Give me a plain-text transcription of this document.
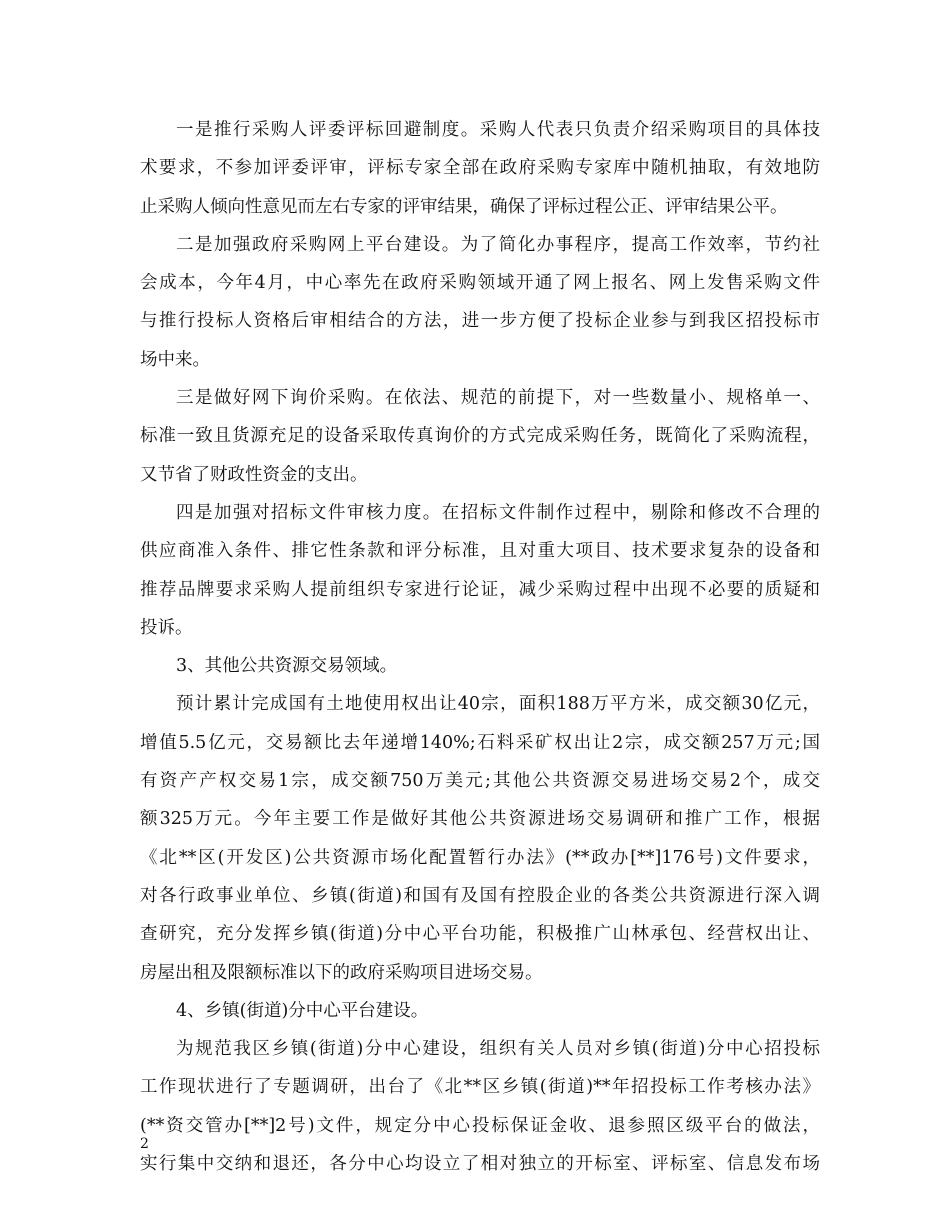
一是推行采购人评委评标回避制度。采购人代表只负责介绍采购项目的具体技
术要求，不参加评委评审，评标专家全部在政府采购专家库中随机抽取，有效地防
止采购人倾向性意见而左右专家的评审结果，确保了评标过程公正、评审结果公平。
二是加强政府采购网上平台建设。为了简化办事程序，提高工作效率，节约社
会成本，今年4月，中心率先在政府采购领域开通了网上报名、网上发售采购文件
与推行投标人资格后审相结合的方法，进一步方便了投标企业参与到我区招投标市
场中来。
三是做好网下询价采购。在依法、规范的前提下，对一些数量小、规格单一、
标准一致且货源充足的设备采取传真询价的方式完成采购任务，既简化了采购流程，
又节省了财政性资金的支出。
四是加强对招标文件审核力度。在招标文件制作过程中，剔除和修改不合理的
供应商准入条件、排它性条款和评分标准，且对重大项目、技术要求复杂的设备和
推荐品牌要求采购人提前组织专家进行论证，减少采购过程中出现不必要的质疑和
投诉。
3、其他公共资源交易领域。
预计累计完成国有土地使用权出让40宗，面积188万平方米，成交额30亿元，
增值5.5亿元，交易额比去年递增140%;石料采矿权出让2宗，成交额257万元;国
有资产产权交易1宗，成交额750万美元;其他公共资源交易进场交易2个，成交
额325万元。今年主要工作是做好其他公共资源进场交易调研和推广工作，根据
《北**区(开发区)公共资源市场化配置暂行办法》(**政办[**]176号)文件要求，
对各行政事业单位、乡镇(街道)和国有及国有控股企业的各类公共资源进行深入调
查研究，充分发挥乡镇(街道)分中心平台功能，积极推广山林承包、经营权出让、
房屋出租及限额标准以下的政府采购项目进场交易。
4、乡镇(街道)分中心平台建设。
为规范我区乡镇(街道)分中心建设，组织有关人员对乡镇(街道)分中心招投标
工作现状进行了专题调研，出台了《北**区乡镇(街道)**年招投标工作考核办法》
(**资交管办[**]2号)文件，规定分中心投标保证金收、退参照区级平台的做法，
实行集中交纳和退还，各分中心均设立了相对独立的开标室、评标室、信息发布场
2
